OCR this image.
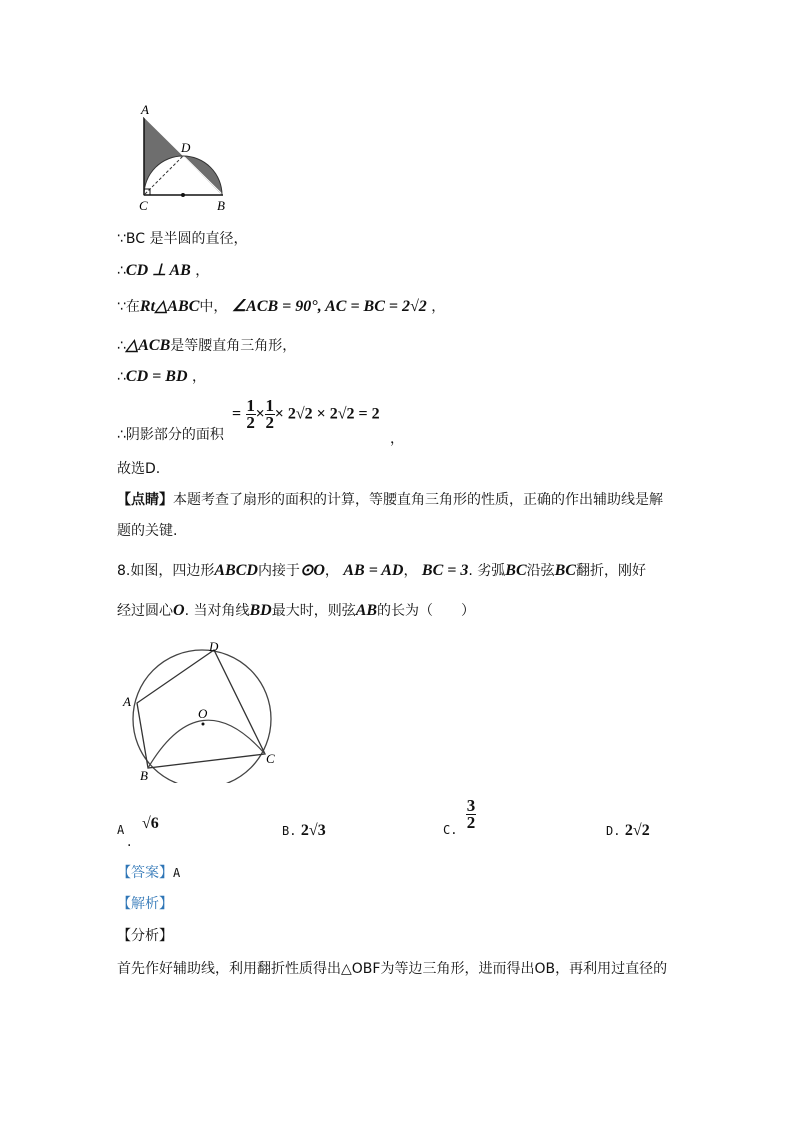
A
D
C	B
∵BC 是半圆的直径，
∴CD ⊥ AB ，
∵在Rt△ABC中， ∠ACB = 90°, AC = BC = 2√2 ，
∴△ACB是等腰直角三角形，
∴CD = BD ，
∴阴影部分的面积
= $\frac{1}{2} \times \frac{1}{2} \times 2√2 \times 2√2 = 2$
，
故选D.
【点睛】本题考查了扇形的面积的计算，等腰直角三角形的性质，正确的作出辅助线是解
题的关键.
8.如图，四边形ABCD内接于⊙O， AB = AD， BC = 3. 劣弧BC沿弦BC翻折，刚好
经过圆心O. 当对角线BD最大时，则弦AB的长为（　　）
D
A
O
B
C
A √6
.
B. 2√3	C. $\frac{3}{2}$	D. 2√2
【答案】A
【解析】
【分析】
首先作好辅助线，利用翻折性质得出△OBF为等边三角形，进而得出OB，再利用过直径的
